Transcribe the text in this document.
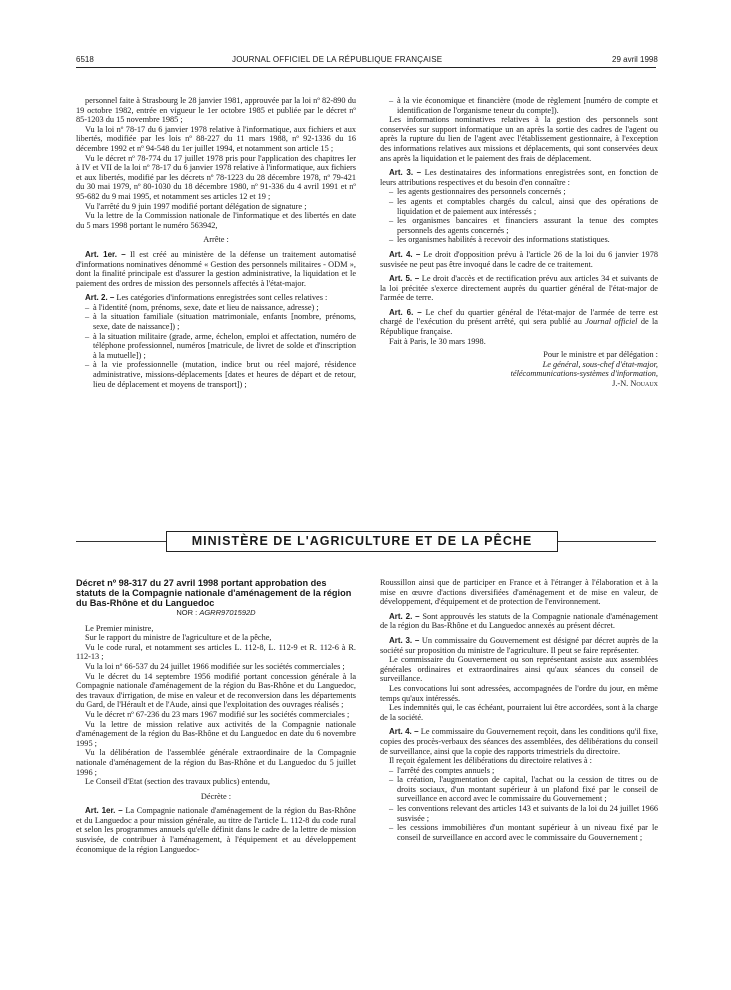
6518	JOURNAL OFFICIEL DE LA RÉPUBLIQUE FRANÇAISE	29 avril 1998

personnel faite à Strasbourg le 28 janvier 1981, approuvée par la loi nº 82-890 du 19 octobre 1982, entrée en vigueur le 1er octobre 1985 et publiée par le décret nº 85-1203 du 15 novembre 1985 ;

Vu la loi nº 78-17 du 6 janvier 1978 relative à l'informatique, aux fichiers et aux libertés, modifiée par les lois nº 88-227 du 11 mars 1988, nº 92-1336 du 16 décembre 1992 et nº 94-548 du 1er juillet 1994, et notamment son article 15 ;

Vu le décret nº 78-774 du 17 juillet 1978 pris pour l'application des chapitres Ier à IV et VII de la loi nº 78-17 du 6 janvier 1978 relative à l'informatique, aux fichiers et aux libertés, modifié par les décrets nº 78-1223 du 28 décembre 1978, nº 79-421 du 30 mai 1979, nº 80-1030 du 18 décembre 1980, nº 91-336 du 4 avril 1991 et nº 95-682 du 9 mai 1995, et notamment ses articles 12 et 19 ;

Vu l'arrêté du 9 juin 1997 modifié portant délégation de signature ;

Vu la lettre de la Commission nationale de l'informatique et des libertés en date du 5 mars 1998 portant le numéro 563942,

Arrête :

Art. 1er. – Il est créé au ministère de la défense un traitement automatisé d'informations nominatives dénommé « Gestion des personnels militaires - ODM », dont la finalité principale est d'assurer la gestion administrative, la liquidation et le paiement des ordres de mission des personnels affectés à l'état-major.

Art. 2. – Les catégories d'informations enregistrées sont celles relatives :

– à l'identité (nom, prénoms, sexe, date et lieu de naissance, adresse) ;

– à la situation familiale (situation matrimoniale, enfants [nombre, prénoms, sexe, date de naissance]) ;

– à la situation militaire (grade, arme, échelon, emploi et affectation, numéro de téléphone professionnel, numéros [matricule, de livret de solde et d'inscription à la mutuelle]) ;

– à la vie professionnelle (mutation, indice brut ou réel majoré, résidence administrative, missions-déplacements [dates et heures de départ et de retour, lieu de déplacement et moyens de transport]) ;

– à la vie économique et financière (mode de règlement [numéro de compte et identification de l'organisme teneur du compte]).

Les informations nominatives relatives à la gestion des personnels sont conservées sur support informatique un an après la sortie des cadres de l'agent ou après la rupture du lien de l'agent avec l'établissement gestionnaire, à l'exception des informations relatives aux missions et déplacements, qui sont conservées deux ans après la liquidation et le paiement des frais de déplacement.

Art. 3. – Les destinataires des informations enregistrées sont, en fonction de leurs attributions respectives et du besoin d'en connaître :

– les agents gestionnaires des personnels concernés ;

– les agents et comptables chargés du calcul, ainsi que des opérations de liquidation et de paiement aux intéressés ;

– les organismes bancaires et financiers assurant la tenue des comptes personnels des agents concernés ;

– les organismes habilités à recevoir des informations statistiques.

Art. 4. – Le droit d'opposition prévu à l'article 26 de la loi du 6 janvier 1978 susvisée ne peut pas être invoqué dans le cadre de ce traitement.

Art. 5. – Le droit d'accès et de rectification prévu aux articles 34 et suivants de la loi précitée s'exerce directement auprès du quartier général de l'état-major de l'armée de terre.

Art. 6. – Le chef du quartier général de l'état-major de l'armée de terre est chargé de l'exécution du présent arrêté, qui sera publié au Journal officiel de la République française.

Fait à Paris, le 30 mars 1998.

Pour le ministre et par délégation :

Le général, sous-chef d'état-major,

télécommunications-systèmes d'information,

J.-N. Nouaux

MINISTÈRE DE L'AGRICULTURE ET DE LA PÊCHE

Décret nº 98-317 du 27 avril 1998 portant approbation des statuts de la Compagnie nationale d'aménagement de la région du Bas-Rhône et du Languedoc

NOR : AGRR9701592D

Le Premier ministre,

Sur le rapport du ministre de l'agriculture et de la pêche,

Vu le code rural, et notamment ses articles L. 112-8, L. 112-9 et R. 112-6 à R. 112-13 ;

Vu la loi nº 66-537 du 24 juillet 1966 modifiée sur les sociétés commerciales ;

Vu le décret du 14 septembre 1956 modifié portant concession générale à la Compagnie nationale d'aménagement de la région du Bas-Rhône et du Languedoc, des travaux d'irrigation, de mise en valeur et de reconversion dans les départements du Gard, de l'Hérault et de l'Aude, ainsi que l'exploitation des ouvrages réalisés ;

Vu le décret nº 67-236 du 23 mars 1967 modifié sur les sociétés commerciales ;

Vu la lettre de mission relative aux activités de la Compagnie nationale d'aménagement de la région du Bas-Rhône et du Languedoc en date du 6 novembre 1995 ;

Vu la délibération de l'assemblée générale extraordinaire de la Compagnie nationale d'aménagement de la région du Bas-Rhône et du Languedoc du 5 juillet 1996 ;

Le Conseil d'Etat (section des travaux publics) entendu,

Décrète :

Art. 1er. – La Compagnie nationale d'aménagement de la région du Bas-Rhône et du Languedoc a pour mission générale, au titre de l'article L. 112-8 du code rural et selon les programmes annuels qu'elle définit dans le cadre de la lettre de mission susvisée, de contribuer à l'aménagement, à l'équipement et au développement économique de la région Languedoc-

Roussillon ainsi que de participer en France et à l'étranger à l'élaboration et à la mise en œuvre d'actions diversifiées d'aménagement et de mise en valeur, de développement, d'équipement et de protection de l'environnement.

Art. 2. – Sont approuvés les statuts de la Compagnie nationale d'aménagement de la région du Bas-Rhône et du Languedoc annexés au présent décret.

Art. 3. – Un commissaire du Gouvernement est désigné par décret auprès de la société sur proposition du ministre de l'agriculture. Il peut se faire représenter.

Le commissaire du Gouvernement ou son représentant assiste aux assemblées générales ordinaires et extraordinaires ainsi qu'aux séances du conseil de surveillance.

Les convocations lui sont adressées, accompagnées de l'ordre du jour, en même temps qu'aux intéressés.

Les indemnités qui, le cas échéant, pourraient lui être accordées, sont à la charge de la société.

Art. 4. – Le commissaire du Gouvernement reçoit, dans les conditions qu'il fixe, copies des procès-verbaux des séances des assemblées, des délibérations du conseil de surveillance, ainsi que la copie des rapports trimestriels du directoire.

Il reçoit également les délibérations du directoire relatives à :

– l'arrêté des comptes annuels ;

– la création, l'augmentation de capital, l'achat ou la cession de titres ou de droits sociaux, d'un montant supérieur à un plafond fixé par le conseil de surveillance en accord avec le commissaire du Gouvernement ;

– les conventions relevant des articles 143 et suivants de la loi du 24 juillet 1966 susvisée ;

– les cessions immobilières d'un montant supérieur à un niveau fixé par le conseil de surveillance en accord avec le commissaire du Gouvernement ;
